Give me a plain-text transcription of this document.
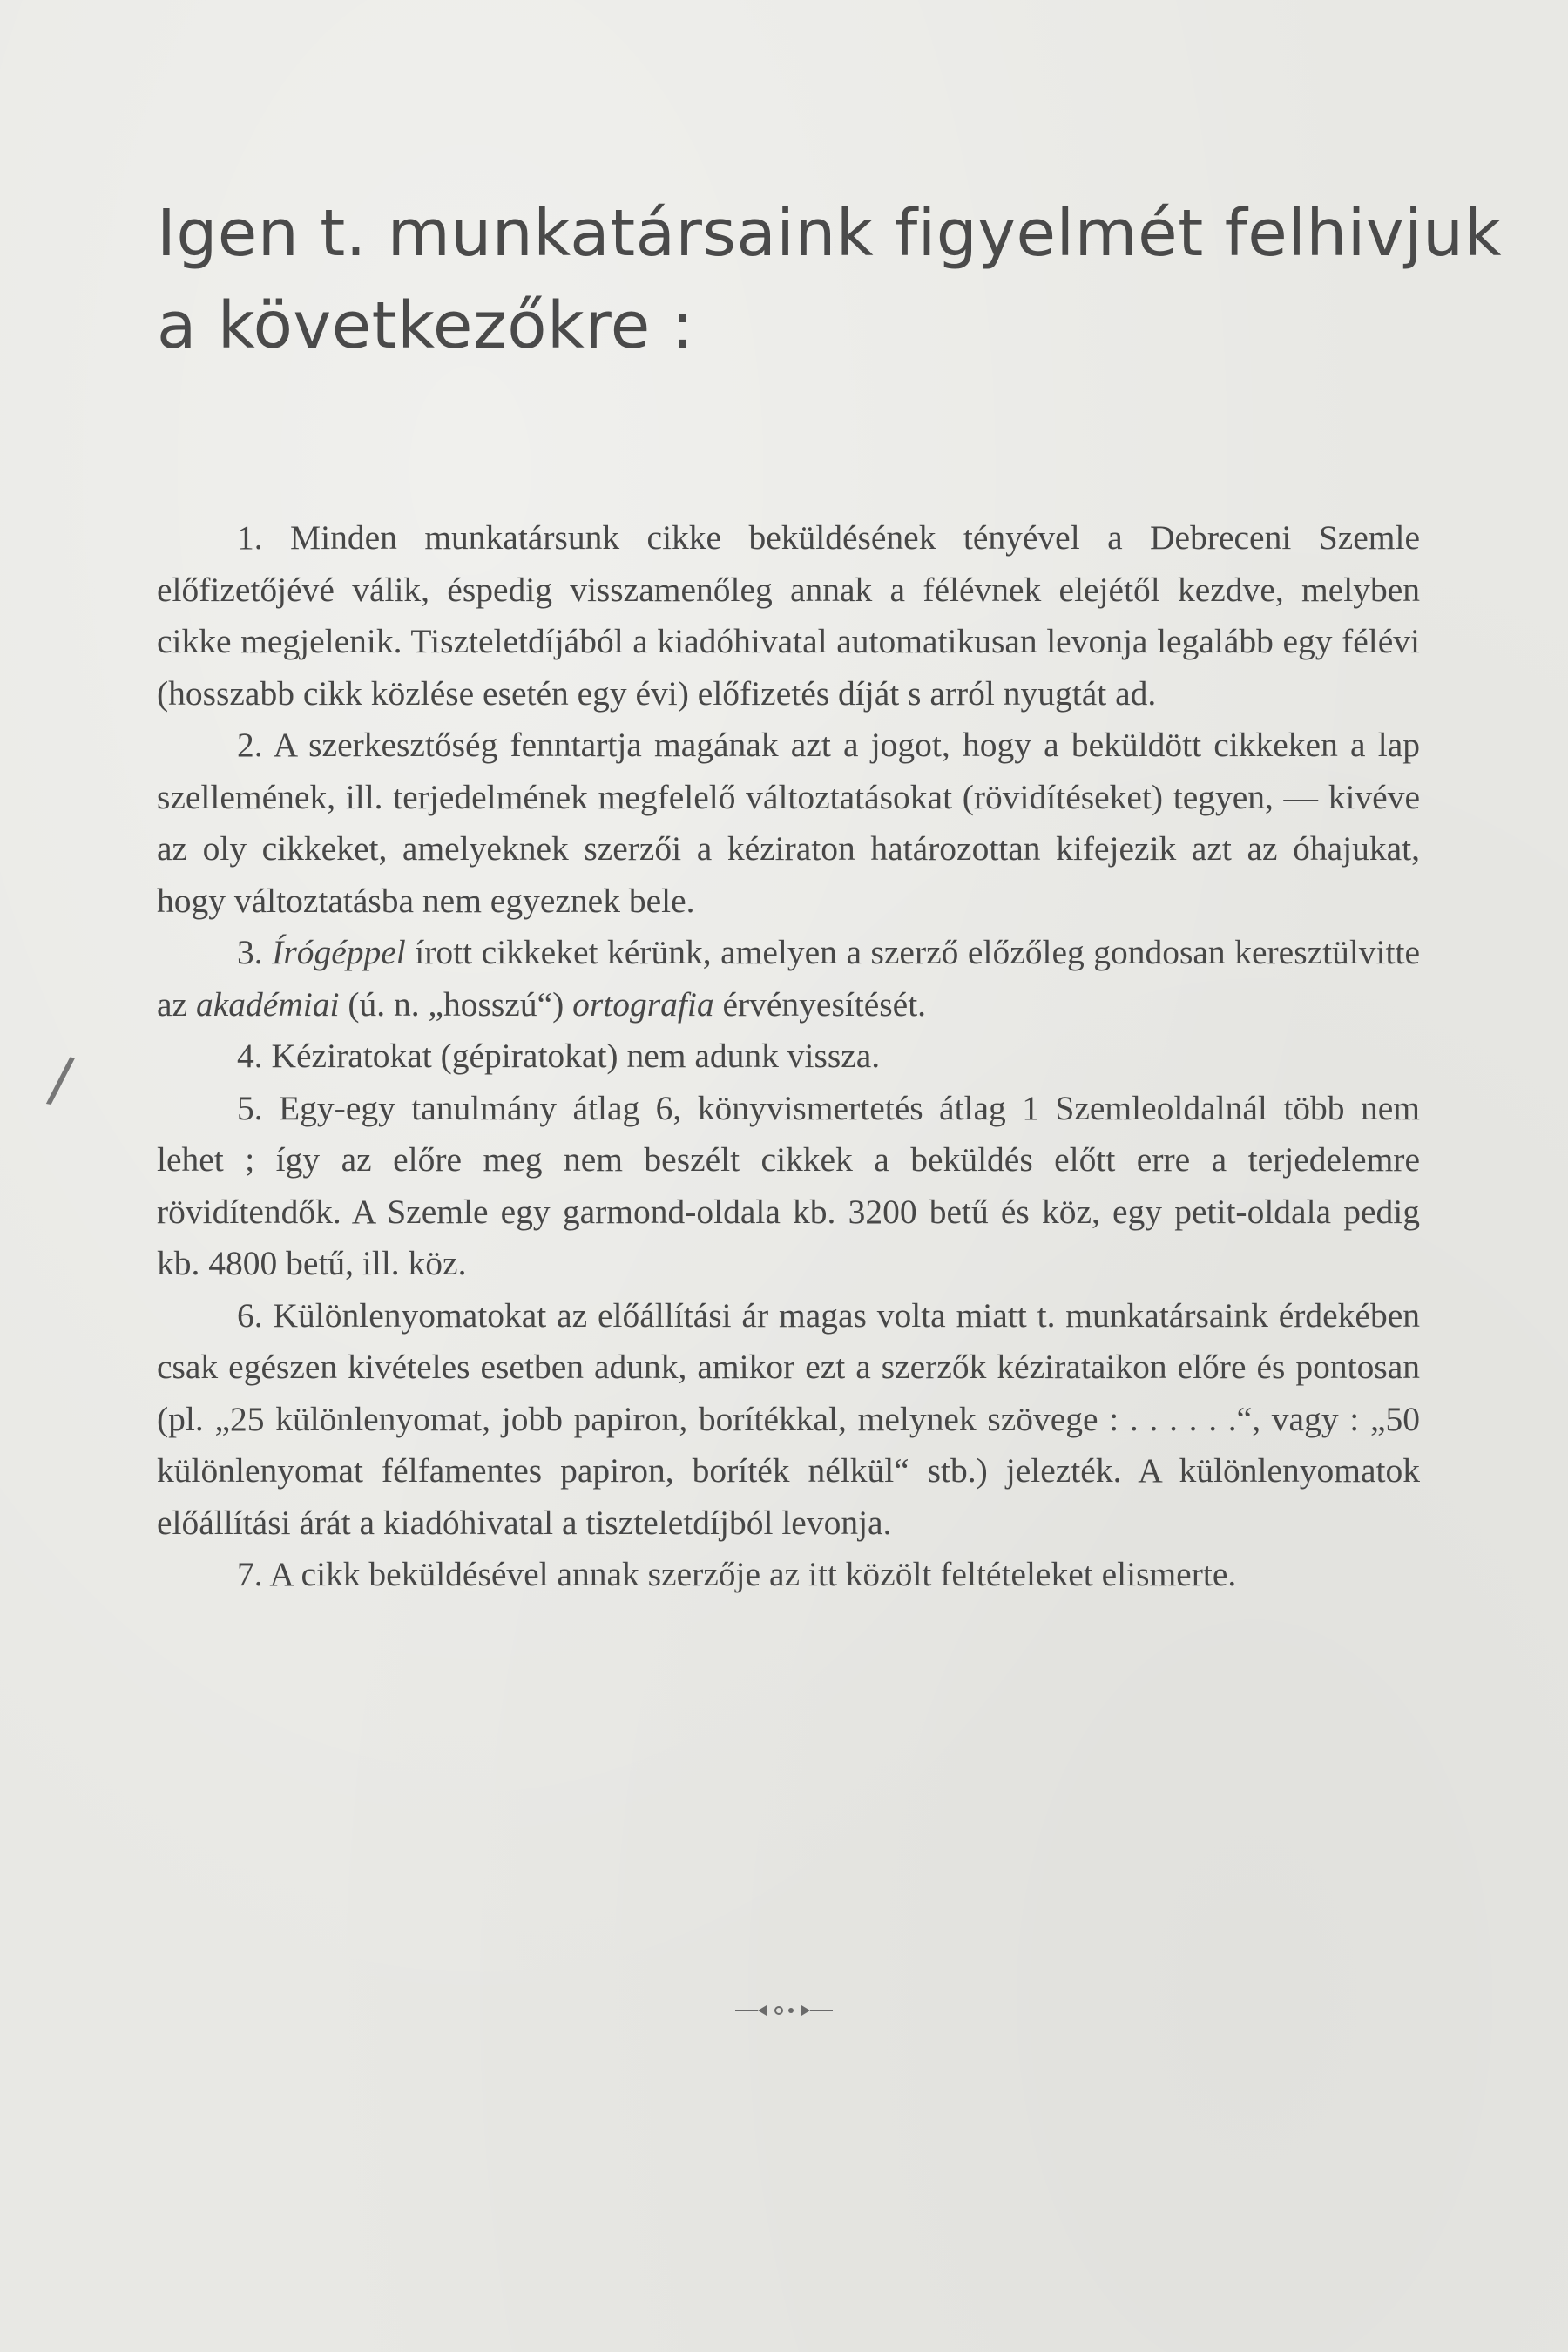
Igen t. munkatársaink figyelmét felhivjuk
a következőkre :
/

1. Minden munkatársunk cikke beküldésének tényével a Debreceni Szemle előfizetőjévé válik, éspedig visszamenőleg annak a félévnek elejétől kezdve, melyben cikke megjelenik. Tiszteletdíjából a kiadóhivatal automatikusan levonja legalább egy félévi (hosszabb cikk közlése esetén egy évi) előfizetés díját s arról nyugtát ad.

2. A szerkesztőség fenntartja magának azt a jogot, hogy a beküldött cikkeken a lap szellemének, ill. terjedelmének megfelelő változtatásokat (rövidítéseket) tegyen, — kivéve az oly cikkeket, amelyeknek szerzői a kéziraton határozottan kifejezik azt az óhajukat, hogy változtatásba nem egyeznek bele.

3. Írógéppel írott cikkeket kérünk, amelyen a szerző előzőleg gondosan keresztülvitte az akadémiai (ú. n. „hosszú“) ortografia érvényesítését.

4. Kéziratokat (gépiratokat) nem adunk vissza.

5. Egy-egy tanulmány átlag 6, könyvismertetés átlag 1 Szemleoldalnál több nem lehet ; így az előre meg nem beszélt cikkek a beküldés előtt erre a terjedelemre rövidítendők. A Szemle egy garmond-oldala kb. 3200 betű és köz, egy petit-oldala pedig kb. 4800 betű, ill. köz.

6. Különlenyomatokat az előállítási ár magas volta miatt t. munkatársaink érdekében csak egészen kivételes esetben adunk, amikor ezt a szerzők kézirataikon előre és pontosan (pl. „25 különlenyomat, jobb papiron, borítékkal, melynek szövege : . . . . . .“, vagy : „50 különlenyomat félfamentes papiron, boríték nélkül“ stb.) jelezték. A különlenyomatok előállítási árát a kiadóhivatal a tiszteletdíjból levonja.

7. A cikk beküldésével annak szerzője az itt közölt feltételeket elismerte.
